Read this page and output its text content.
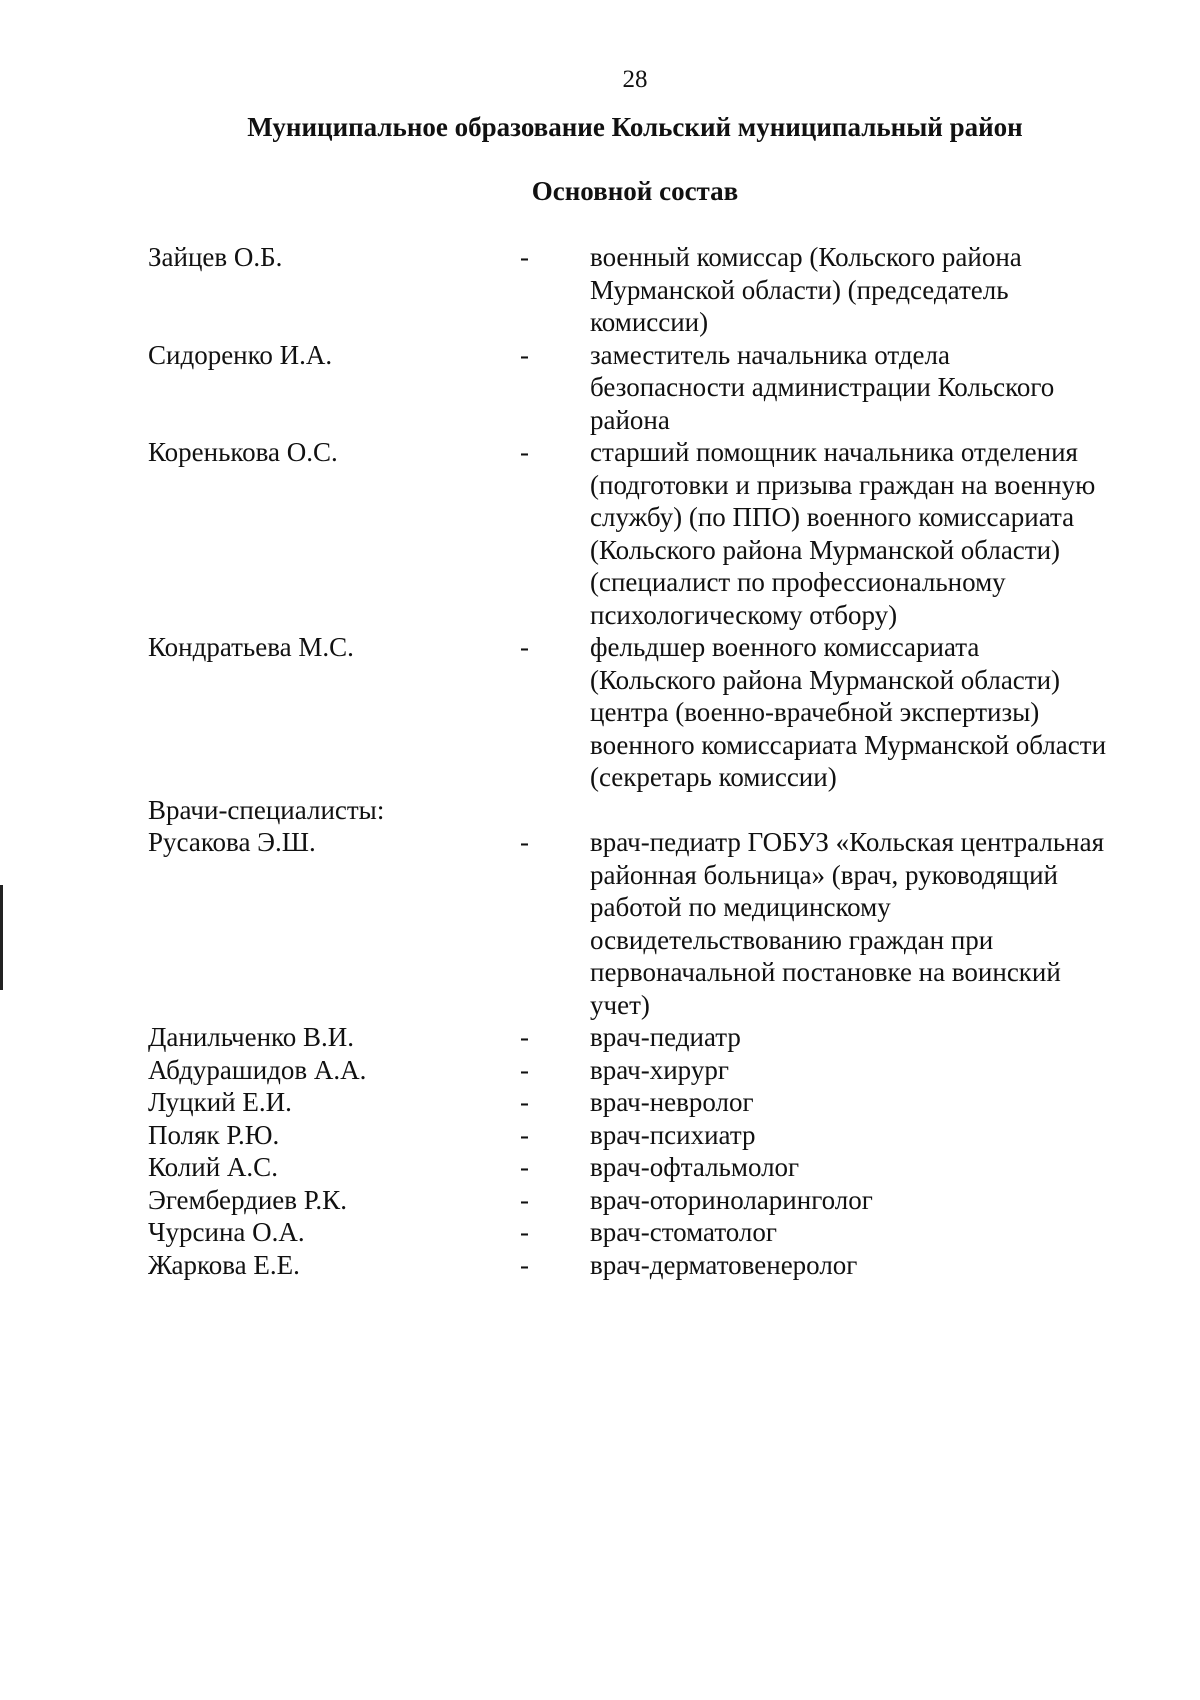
28
Муниципальное образование Кольский муниципальный район
Основной состав
Зайцев О.Б.	-	военный комиссар (Кольского района Мурманской области) (председатель комиссии)
Сидоренко И.А.	-	заместитель начальника отдела безопасности администрации Кольского района
Коренькова О.С.	-	старший помощник начальника отделения (подготовки и призыва граждан на военную службу) (по ППО) военного комиссариата (Кольского района Мурманской области) (специалист по профессиональному психологическому отбору)
Кондратьева М.С.	-	фельдшер военного комиссариата (Кольского района Мурманской области) центра (военно-врачебной экспертизы) военного комиссариата Мурманской области (секретарь комиссии)
Врачи-специалисты:
Русакова Э.Ш.	-	врач-педиатр ГОБУЗ «Кольская центральная районная больница» (врач, руководящий работой по медицинскому освидетельствованию граждан при первоначальной постановке на воинский учет)
Данильченко В.И.	-	врач-педиатр
Абдурашидов А.А.	-	врач-хирург
Луцкий Е.И.	-	врач-невролог
Поляк Р.Ю.	-	врач-психиатр
Колий А.С.	-	врач-офтальмолог
Эгембердиев Р.К.	-	врач-оториноларинголог
Чурсина О.А.	-	врач-стоматолог
Жаркова Е.Е.	-	врач-дерматовенеролог
